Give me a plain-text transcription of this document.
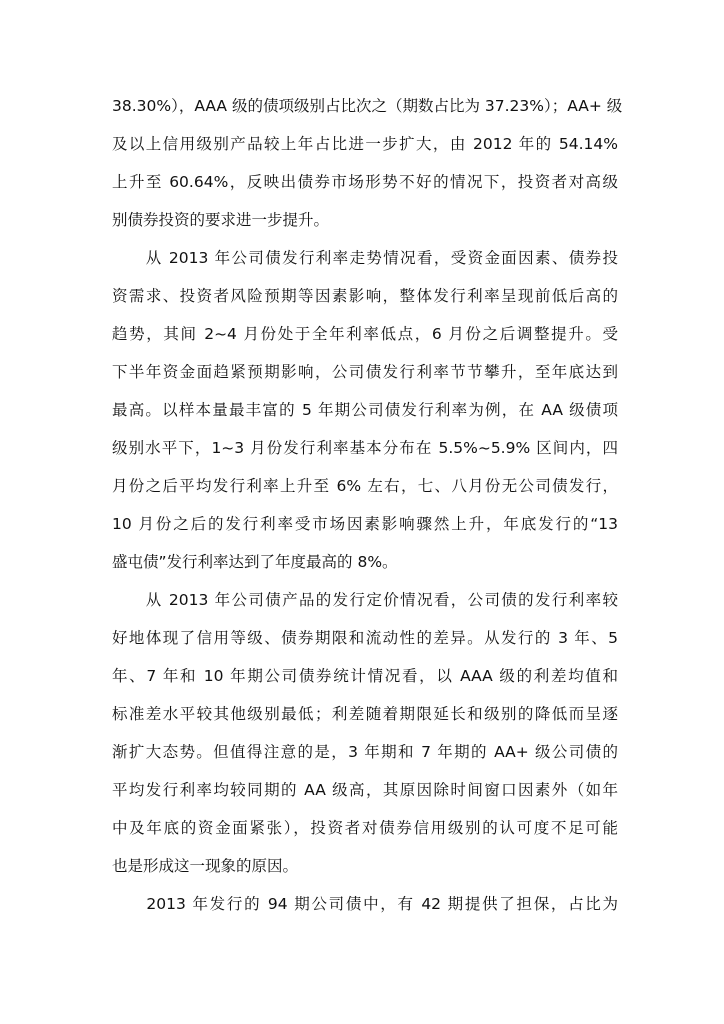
38.30%），AAA 级的债项级别占比次之（期数占比为 37.23%）；AA+ 级
及以上信用级别产品较上年占比进一步扩大，由 2012 年的 54.14%
上升至 60.64%，反映出债券市场形势不好的情况下，投资者对高级
别债券投资的要求进一步提升。
　　从 2013 年公司债发行利率走势情况看，受资金面因素、债券投
资需求、投资者风险预期等因素影响，整体发行利率呈现前低后高的
趋势，其间 2~4 月份处于全年利率低点，6 月份之后调整提升。受
下半年资金面趋紧预期影响，公司债发行利率节节攀升，至年底达到
最高。以样本量最丰富的 5 年期公司债发行利率为例，在 AA 级债项
级别水平下，1~3 月份发行利率基本分布在 5.5%~5.9% 区间内，四
月份之后平均发行利率上升至 6% 左右，七、八月份无公司债发行，
10 月份之后的发行利率受市场因素影响骤然上升，年底发行的“13
盛屯债”发行利率达到了年度最高的 8%。
　　从 2013 年公司债产品的发行定价情况看，公司债的发行利率较
好地体现了信用等级、债券期限和流动性的差异。从发行的 3 年、5
年、7 年和 10 年期公司债券统计情况看，以 AAA 级的利差均值和
标准差水平较其他级别最低；利差随着期限延长和级别的降低而呈逐
渐扩大态势。但值得注意的是，3 年期和 7 年期的 AA+ 级公司债的
平均发行利率均较同期的 AA 级高，其原因除时间窗口因素外（如年
中及年底的资金面紧张），投资者对债券信用级别的认可度不足可能
也是形成这一现象的原因。
　　2013 年发行的 94 期公司债中，有 42 期提供了担保，占比为
